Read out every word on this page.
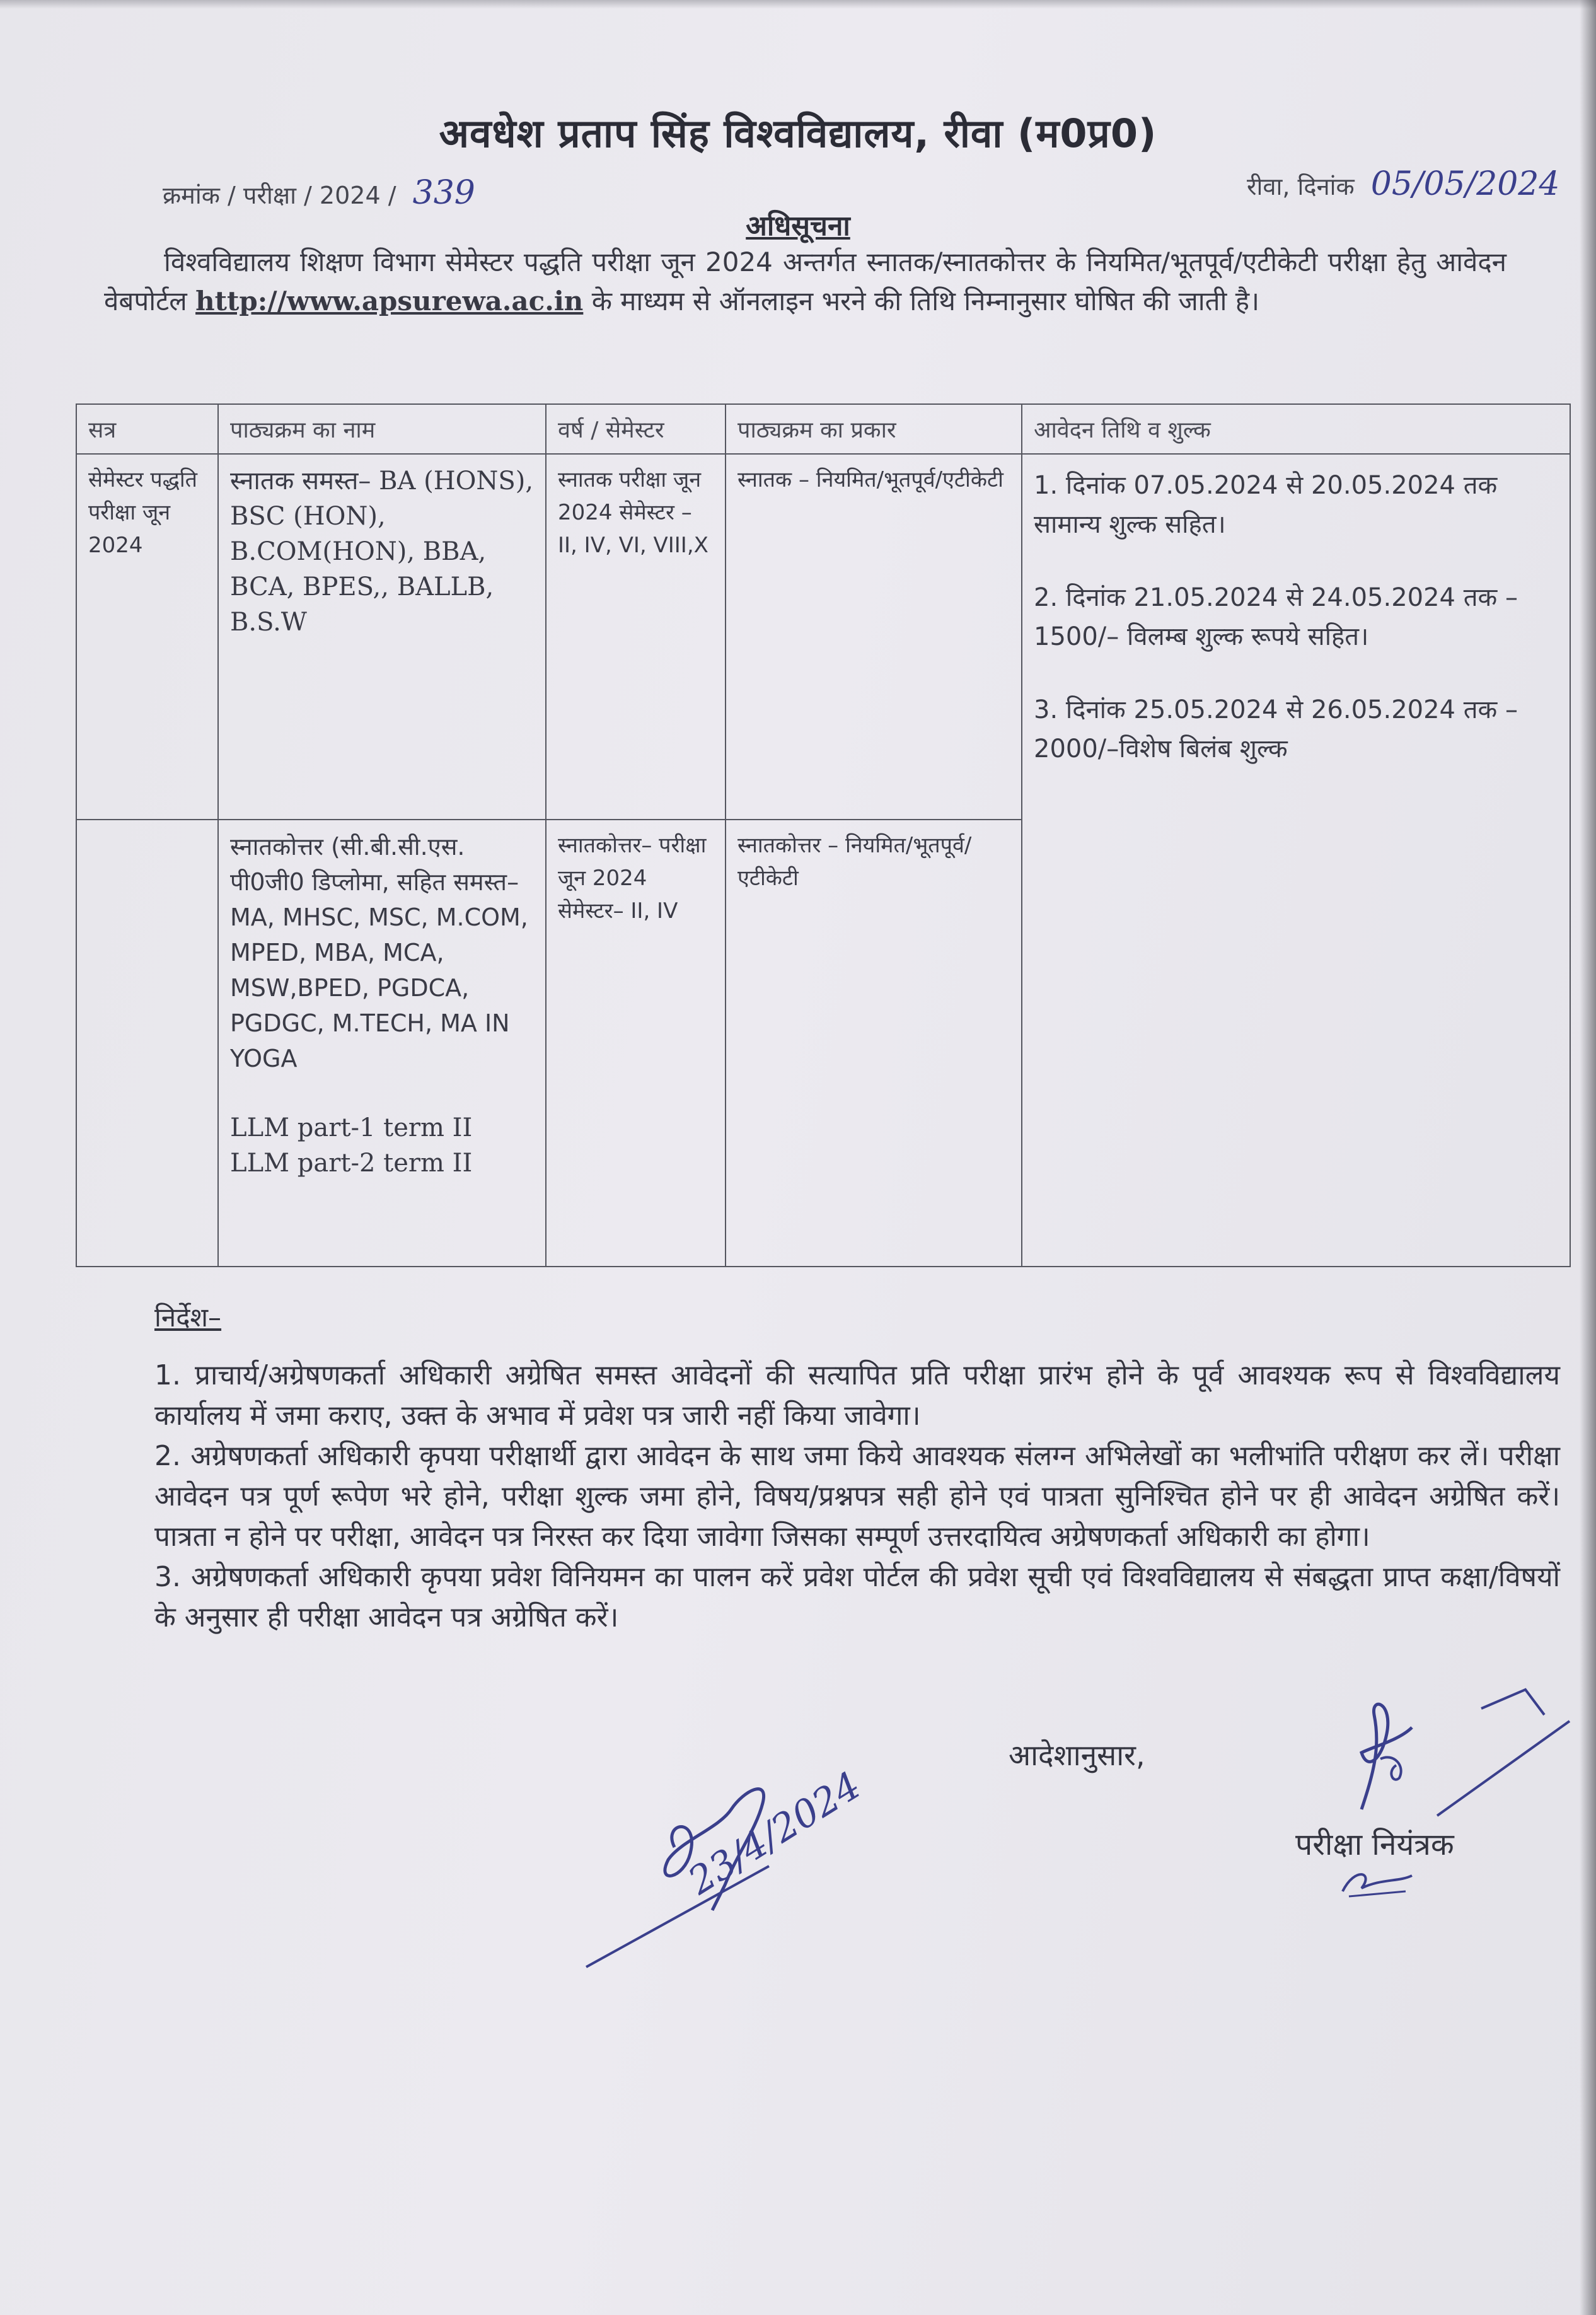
अवधेश प्रताप सिंह विश्वविद्यालय, रीवा (म0प्र0)
क्रमांक / परीक्षा / 2024 / 339	रीवा, दिनांक 05/05/2024
अधिसूचना
विश्वविद्यालय शिक्षण विभाग सेमेस्टर पद्धति परीक्षा जून 2024 अन्तर्गत स्नातक/स्नातकोत्तर के नियमित/भूतपूर्व/एटीकेटी परीक्षा हेतु आवेदन वेबपोर्टल http://www.apsurewa.ac.in के माध्यम से ऑनलाइन भरने की तिथि निम्नानुसार घोषित की जाती है।
सत्र	पाठ्यक्रम का नाम	वर्ष / सेमेस्टर	पाठ्यक्रम का प्रकार	आवेदन तिथि व शुल्क
सेमेस्टर पद्धति परीक्षा जून 2024	स्नातक समस्त– BA (HONS), BSC (HON), B.COM(HON), BBA, BCA, BPES,, BALLB, B.S.W	स्नातक परीक्षा जून 2024 सेमेस्टर – II, IV, VI, VIII,X	स्नातक – नियमित/भूतपूर्व/एटीकेटी	1. दिनांक 07.05.2024 से 20.05.2024 तक सामान्य शुल्क सहित।
2. दिनांक 21.05.2024 से 24.05.2024 तक –1500/– विलम्ब शुल्क रूपये सहित।
3. दिनांक 25.05.2024 से 26.05.2024 तक –2000/–विशेष बिलंब शुल्क

	स्नातकोत्तर (सी.बी.सी.एस. पी0जी0 डिप्लोमा, सहित समस्त– MA, MHSC, MSC, M.COM, MPED, MBA, MCA, MSW,BPED, PGDCA, PGDGC, M.TECH, MA IN YOGA
LLM part-1 term II
LLM part-2 term II	स्नातकोत्तर– परीक्षा जून 2024 सेमेस्टर– II, IV	स्नातकोत्तर – नियमित/भूतपूर्व/एटीकेटी	
निर्देश–

1. प्राचार्य/अग्रेषणकर्ता अधिकारी अग्रेषित समस्त आवेदनों की सत्यापित प्रति परीक्षा प्रारंभ होने के पूर्व आवश्यक रूप से विश्वविद्यालय कार्यालय में जमा कराए, उक्त के अभाव में प्रवेश पत्र जारी नहीं किया जावेगा।

2. अग्रेषणकर्ता अधिकारी कृपया परीक्षार्थी द्वारा आवेदन के साथ जमा किये आवश्यक संलग्न अभिलेखों का भलीभांति परीक्षण कर लें। परीक्षा आवेदन पत्र पूर्ण रूपेण भरे होने, परीक्षा शुल्क जमा होने, विषय/प्रश्नपत्र सही होने एवं पात्रता सुनिश्चित होने पर ही आवेदन अग्रेषित करें। पात्रता न होने पर परीक्षा, आवेदन पत्र निरस्त कर दिया जावेगा जिसका सम्पूर्ण उत्तरदायित्व अग्रेषणकर्ता अधिकारी का होगा।

3. अग्रेषणकर्ता अधिकारी कृपया प्रवेश विनियमन का पालन करें प्रवेश पोर्टल की प्रवेश सूची एवं विश्वविद्यालय से संबद्धता प्राप्त कक्षा/विषयों के अनुसार ही परीक्षा आवेदन पत्र अग्रेषित करें।

आदेशानुसार,
परीक्षा नियंत्रक
23/4/2024
